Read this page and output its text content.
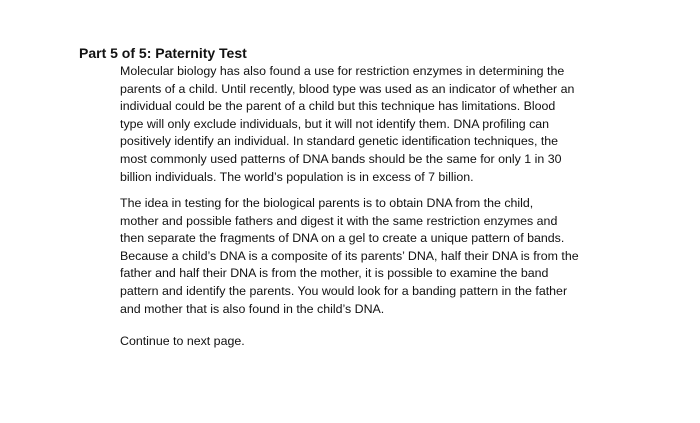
Part 5 of 5: Paternity Test
Molecular biology has also found a use for restriction enzymes in determining the
parents of a child. Until recently, blood type was used as an indicator of whether an
individual could be the parent of a child but this technique has limitations. Blood
type will only exclude individuals, but it will not identify them. DNA profiling can
positively identify an individual. In standard genetic identification techniques, the
most commonly used patterns of DNA bands should be the same for only 1 in 30
billion individuals. The world’s population is in excess of 7 billion.
The idea in testing for the biological parents is to obtain DNA from the child,
mother and possible fathers and digest it with the same restriction enzymes and
then separate the fragments of DNA on a gel to create a unique pattern of bands.
Because a child’s DNA is a composite of its parents’ DNA, half their DNA is from the
father and half their DNA is from the mother, it is possible to examine the band
pattern and identify the parents. You would look for a banding pattern in the father
and mother that is also found in the child’s DNA.
Continue to next page.
